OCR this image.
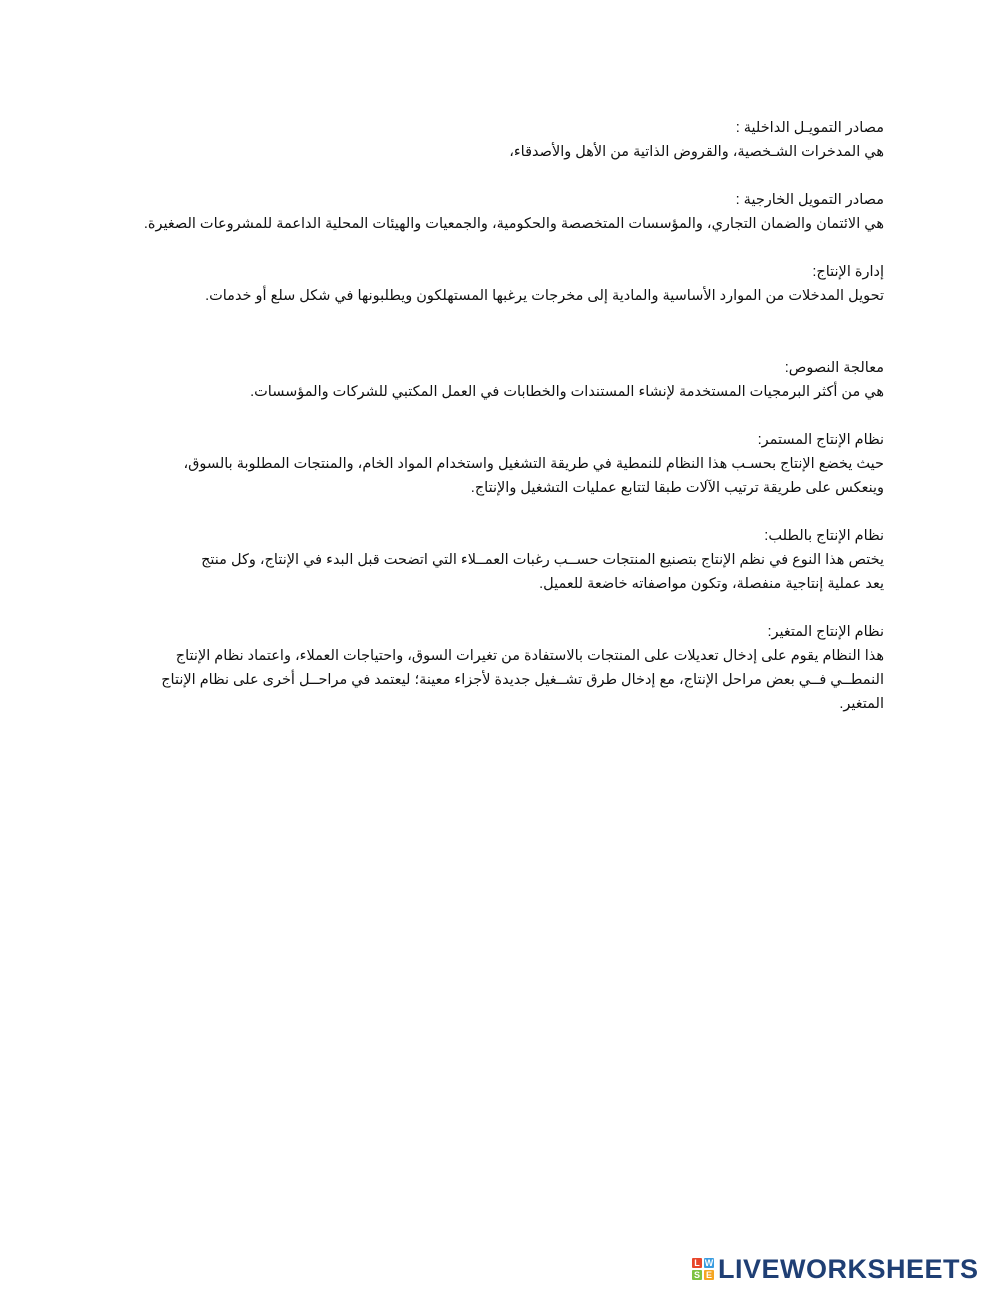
مصادر التمويـل الداخلية :

هي المدخرات الشـخصية، والقروض الذاتية من الأهل والأصدقاء،

مصادر التمويل الخارجية :

هي الائتمان والضمان التجاري، والمؤسسات المتخصصة والحكومية، والجمعيات والهيئات المحلية الداعمة للمشروعات الصغيرة.

إدارة الإنتاج:

تحويل المدخلات من الموارد الأساسية والمادية إلى مخرجات يرغبها المستهلكون ويطلبونها في شكل سلع أو خدمات.

معالجة النصوص:

هي من أكثر البرمجيات المستخدمة لإنشاء المستندات والخطابات في العمل المكتبي للشركات والمؤسسات.

نظام الإنتاج المستمر:

حيث يخضع الإنتاج بحسـب هذا النظام للنمطية في طريقة التشغيل واستخدام المواد الخام، والمنتجات المطلوبة بالسوق،

وينعكس على طريقة ترتيب الآلات طبقا لتتابع عمليات التشغيل والإنتاج.

نظام الإنتاج بالطلب:

يختص هذا النوع في نظم الإنتاج بتصنيع المنتجات حســب رغبات العمــلاء التي اتضحت قبل البدء في الإنتاج، وكل منتج

يعد عملية إنتاجية منفصلة، وتكون مواصفاته خاضعة للعميل.

نظام الإنتاج المتغير:

هذا النظام يقوم على إدخال تعديلات على المنتجات بالاستفادة من تغيرات السوق، واحتياجات العملاء، واعتماد نظام الإنتاج

النمطــي فــي بعض مراحل الإنتاج، مع إدخال طرق تشــغيل جديدة لأجزاء معينة؛ ليعتمد في مراحــل أخرى على نظام الإنتاج

المتغير.

L W
S E LIVEWORKSHEETS
